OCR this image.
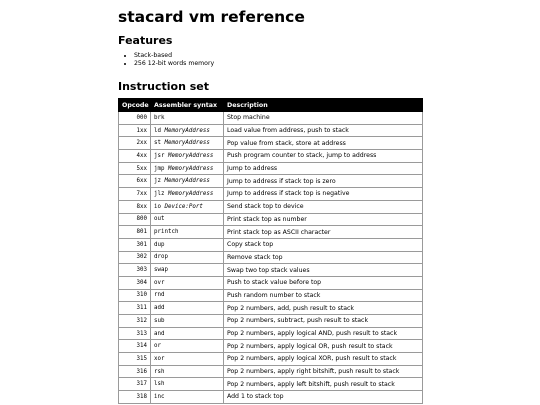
stacard vm reference
Features
• Stack-based
• 256 12-bit words memory
Instruction set
Opcode	Assembler syntax	Description
000	brk	Stop machine
1xx	ld MemoryAddress	Load value from address, push to stack
2xx	st MemoryAddress	Pop value from stack, store at address
4xx	jsr MemoryAddress	Push program counter to stack, jump to address
5xx	jmp MemoryAddress	Jump to address
6xx	jz MemoryAddress	Jump to address if stack top is zero
7xx	jlz MemoryAddress	Jump to address if stack top is negative
8xx	io Device:Port	Send stack top to device
800	out	Print stack top as number
801	printch	Print stack top as ASCII character
301	dup	Copy stack top
302	drop	Remove stack top
303	swap	Swap two top stack values
304	ovr	Push to stack value before top
310	rnd	Push random number to stack
311	add	Pop 2 numbers, add, push result to stack
312	sub	Pop 2 numbers, subtract, push result to stack
313	and	Pop 2 numbers, apply logical AND, push result to stack
314	or	Pop 2 numbers, apply logical OR, push result to stack
315	xor	Pop 2 numbers, apply logical XOR, push result to stack
316	rsh	Pop 2 numbers, apply right bitshift, push result to stack
317	lsh	Pop 2 numbers, apply left bitshift, push result to stack
318	inc	Add 1 to stack top
